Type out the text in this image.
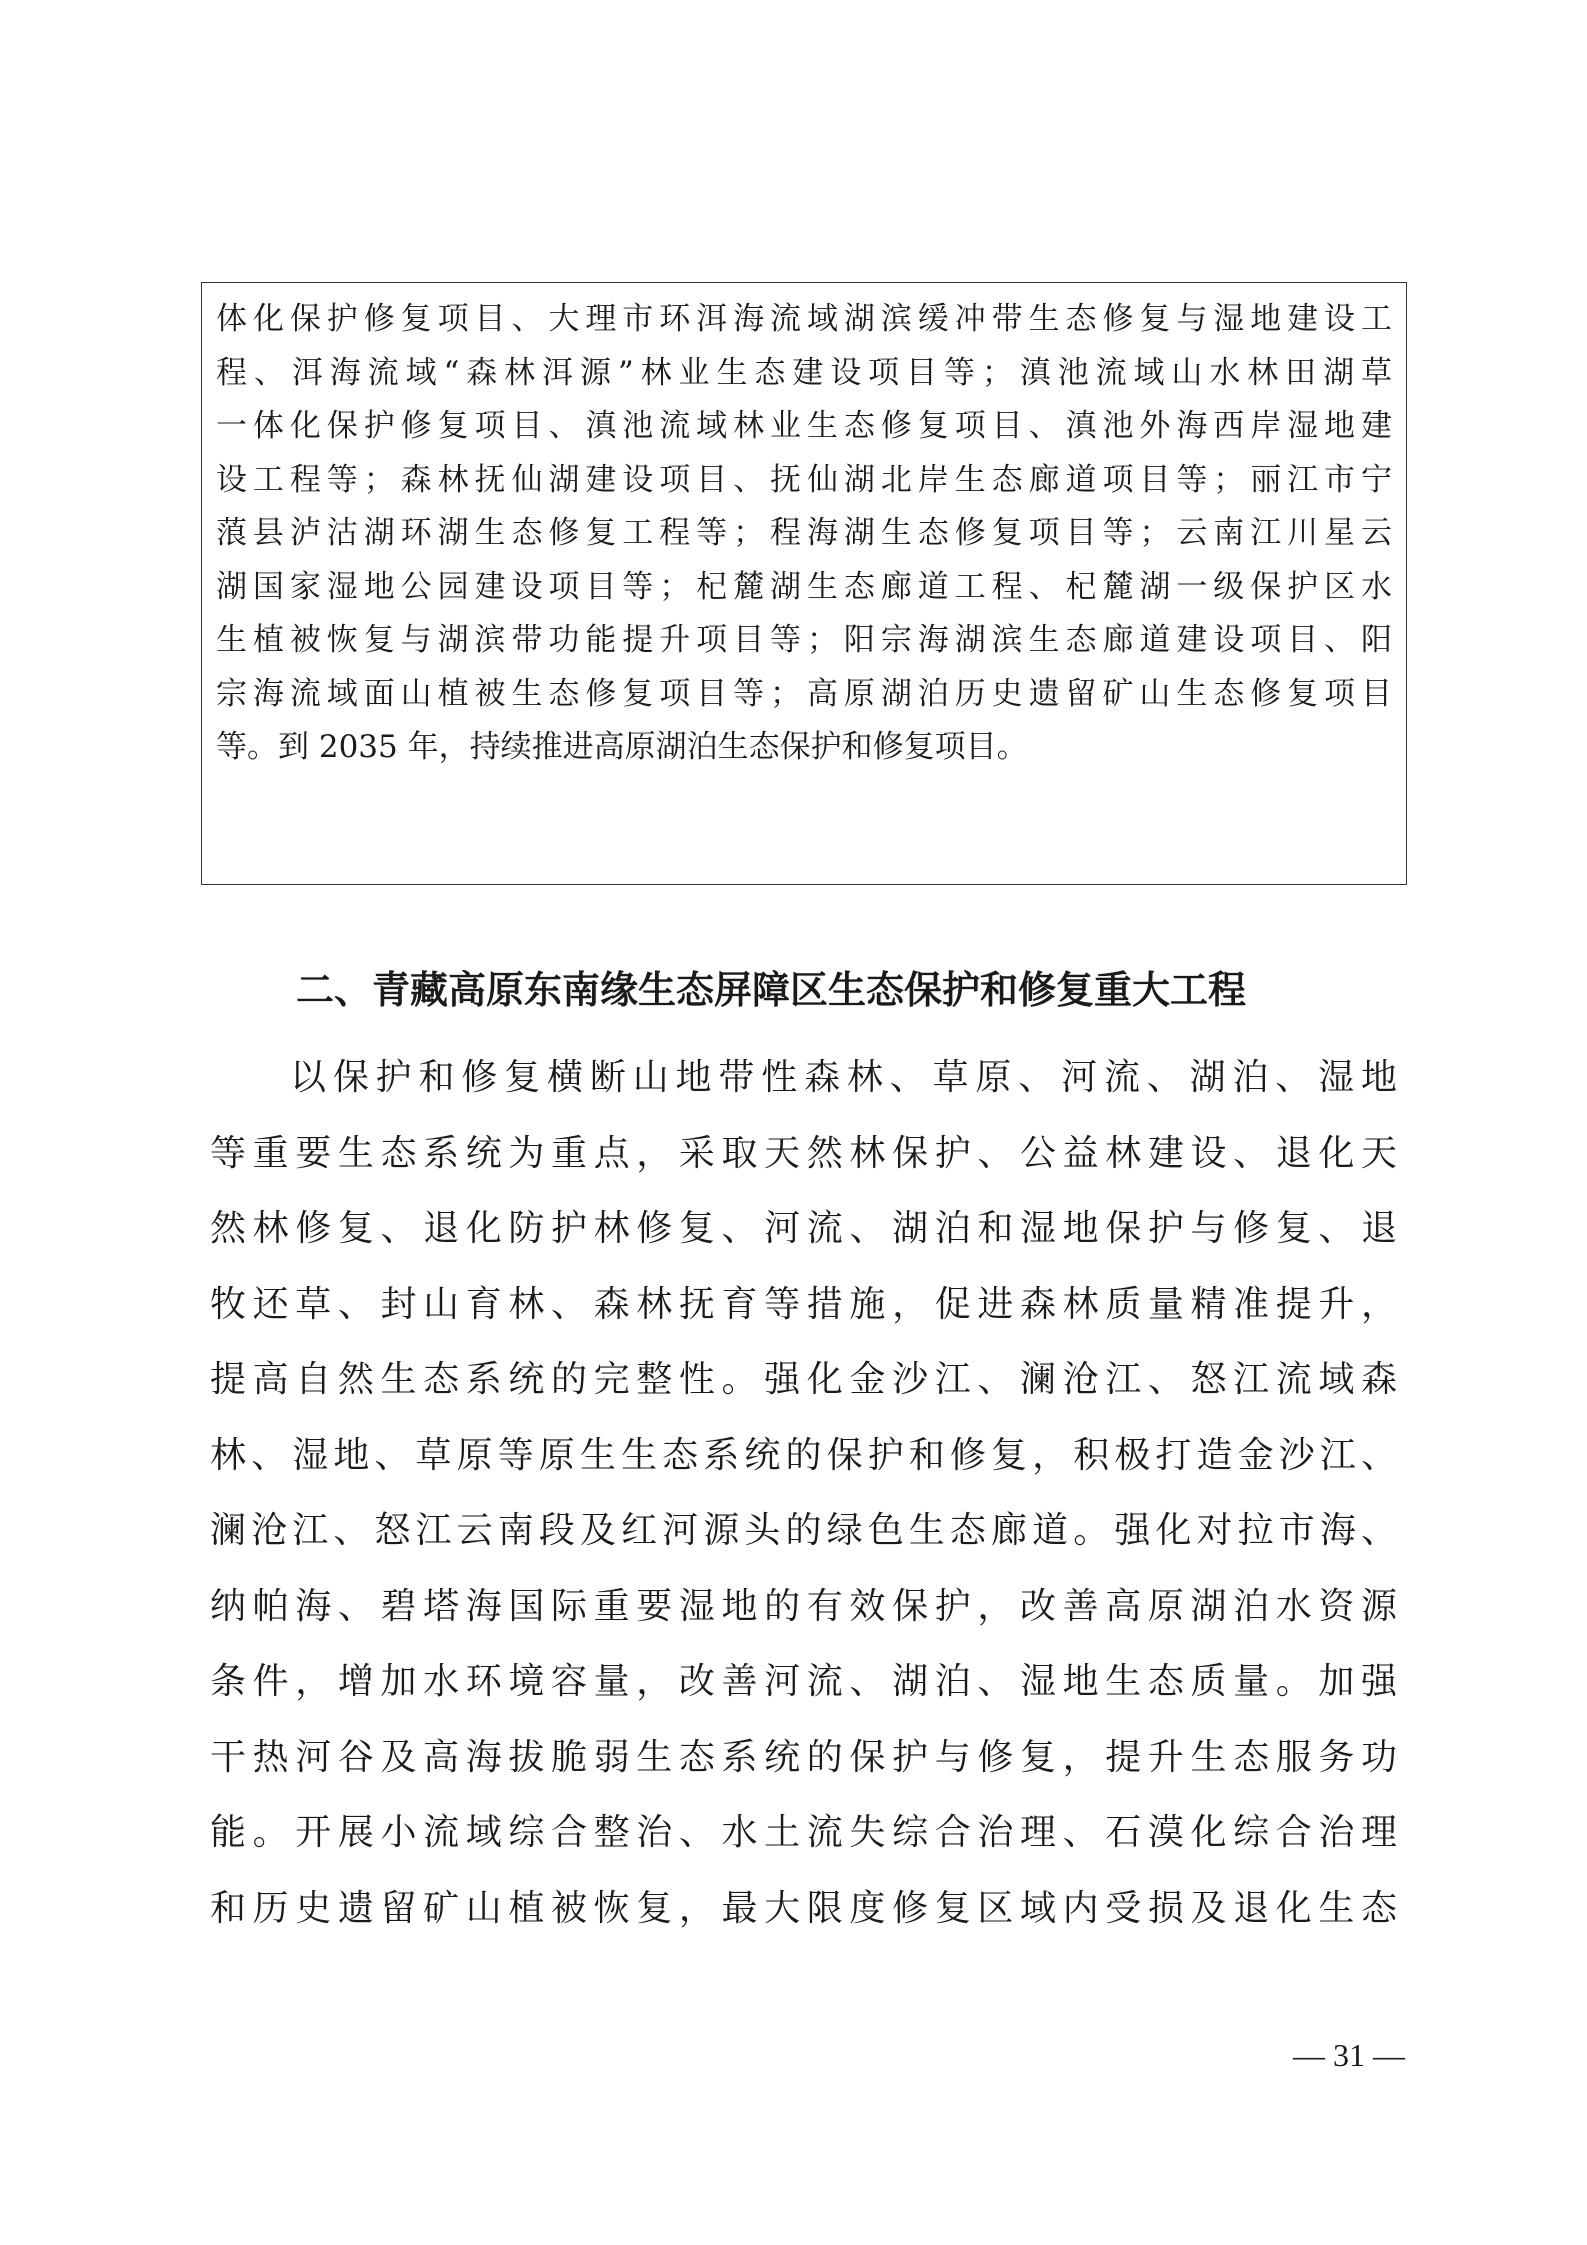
体化保护修复项目、大理市环洱海流域湖滨缓冲带生态修复与湿地建设工
程、洱海流域“森林洱源”林业生态建设项目等；滇池流域山水林田湖草
一体化保护修复项目、滇池流域林业生态修复项目、滇池外海西岸湿地建
设工程等；森林抚仙湖建设项目、抚仙湖北岸生态廊道项目等；丽江市宁
蒗县泸沽湖环湖生态修复工程等；程海湖生态修复项目等；云南江川星云
湖国家湿地公园建设项目等；杞麓湖生态廊道工程、杞麓湖一级保护区水
生植被恢复与湖滨带功能提升项目等；阳宗海湖滨生态廊道建设项目、阳
宗海流域面山植被生态修复项目等；高原湖泊历史遗留矿山生态修复项目
等。到 2035 年，持续推进高原湖泊生态保护和修复项目。
二、青藏高原东南缘生态屏障区生态保护和修复重大工程
以保护和修复横断山地带性森林、草原、河流、湖泊、湿地
等重要生态系统为重点，采取天然林保护、公益林建设、退化天
然林修复、退化防护林修复、河流、湖泊和湿地保护与修复、退
牧还草、封山育林、森林抚育等措施，促进森林质量精准提升，
提高自然生态系统的完整性。强化金沙江、澜沧江、怒江流域森
林、湿地、草原等原生生态系统的保护和修复，积极打造金沙江、
澜沧江、怒江云南段及红河源头的绿色生态廊道。强化对拉市海、
纳帕海、碧塔海国际重要湿地的有效保护，改善高原湖泊水资源
条件，增加水环境容量，改善河流、湖泊、湿地生态质量。加强
干热河谷及高海拔脆弱生态系统的保护与修复，提升生态服务功
能。开展小流域综合整治、水土流失综合治理、石漠化综合治理
和历史遗留矿山植被恢复，最大限度修复区域内受损及退化生态
— 31 —
